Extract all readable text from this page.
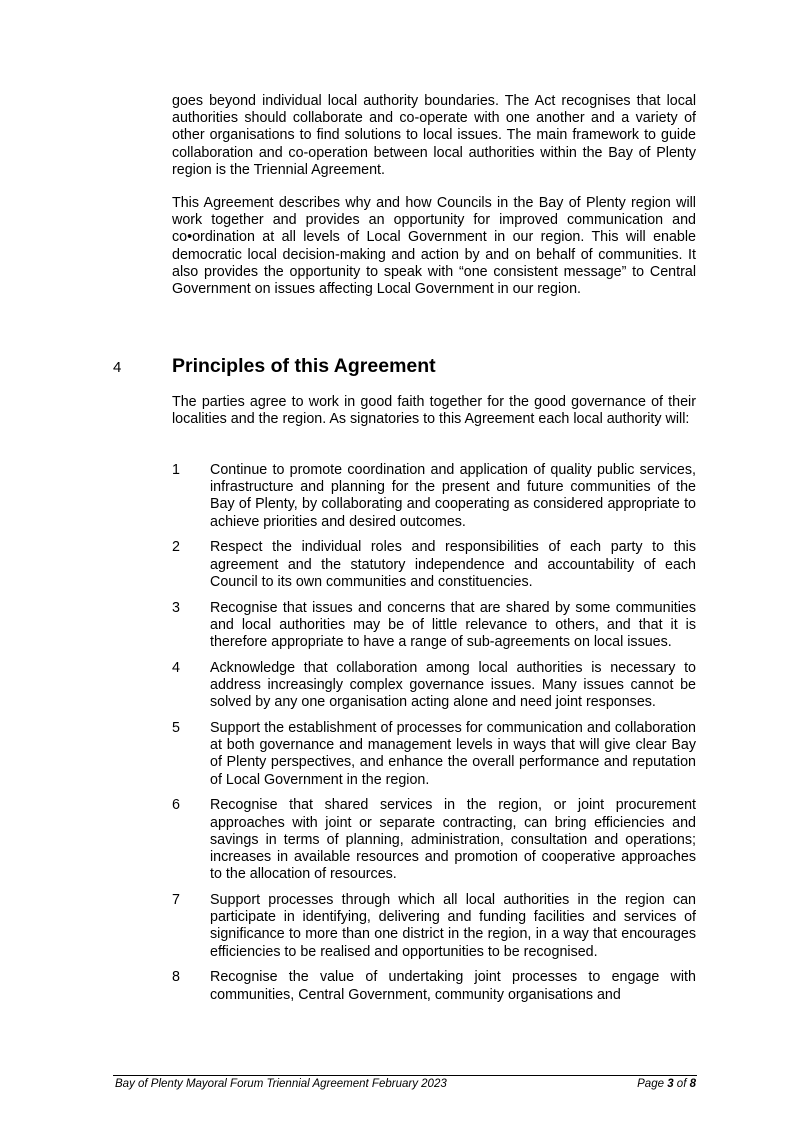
goes beyond individual local authority boundaries. The Act recognises that local authorities should collaborate and co-operate with one another and a variety of other organisations to find solutions to local issues. The main framework to guide collaboration and co-operation between local authorities within the Bay of Plenty region is the Triennial Agreement.

This Agreement describes why and how Councils in the Bay of Plenty region will work together and provides an opportunity for improved communication and co•ordination at all levels of Local Government in our region. This will enable democratic local decision-making and action by and on behalf of communities. It also provides the opportunity to speak with “one consistent message” to Central Government on issues affecting Local Government in our region.

4	Principles of this Agreement

The parties agree to work in good faith together for the good governance of their localities and the region. As signatories to this Agreement each local authority will:

1 Continue to promote coordination and application of quality public services, infrastructure and planning for the present and future communities of the Bay of Plenty, by collaborating and cooperating as considered appropriate to achieve priorities and desired outcomes.
2 Respect the individual roles and responsibilities of each party to this agreement and the statutory independence and accountability of each Council to its own communities and constituencies.
3 Recognise that issues and concerns that are shared by some communities and local authorities may be of little relevance to others, and that it is therefore appropriate to have a range of sub-agreements on local issues.
4 Acknowledge that collaboration among local authorities is necessary to address increasingly complex governance issues. Many issues cannot be solved by any one organisation acting alone and need joint responses.
5 Support the establishment of processes for communication and collaboration at both governance and management levels in ways that will give clear Bay of Plenty perspectives, and enhance the overall performance and reputation of Local Government in the region.
6 Recognise that shared services in the region, or joint procurement approaches with joint or separate contracting, can bring efficiencies and savings in terms of planning, administration, consultation and operations; increases in available resources and promotion of cooperative approaches to the allocation of resources.
7 Support processes through which all local authorities in the region can participate in identifying, delivering and funding facilities and services of significance to more than one district in the region, in a way that encourages efficiencies to be realised and opportunities to be recognised.
8 Recognise the value of undertaking joint processes to engage with communities, Central Government, community organisations and
Bay of Plenty Mayoral Forum Triennial Agreement February 2023	Page 3 of 8
